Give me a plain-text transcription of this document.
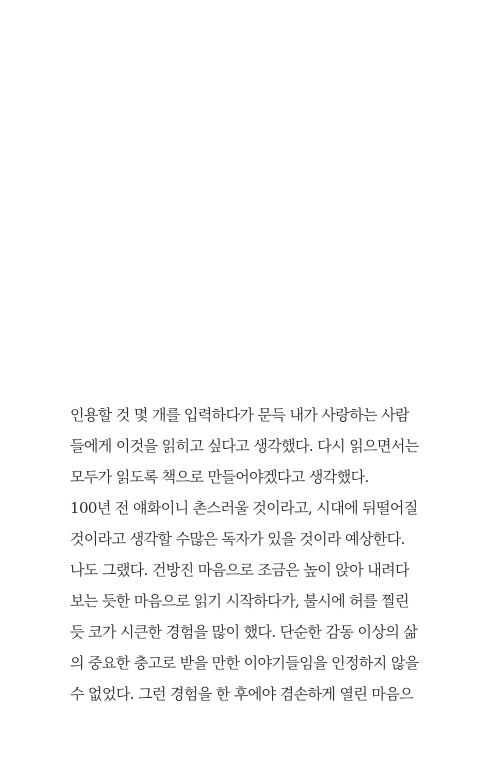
인용할 것 몇 개를 입력하다가 문득 내가 사랑하는 사람
들에게 이것을 읽히고 싶다고 생각했다. 다시 읽으면서는
모두가 읽도록 책으로 만들어야겠다고 생각했다.
100년 전 얘화이니 촌스러울 것이라고, 시대에 뒤떨어질
것이라고 생각할 수많은 독자가 있을 것이라 예상한다.
나도 그랬다. 건방진 마음으로 조금은 높이 앉아 내려다
보는 듯한 마음으로 읽기 시작하다가, 불시에 허를 찔린
듯 코가 시큰한 경험을 많이 했다. 단순한 감동 이상의 삶
의 중요한 충고로 받을 만한 이야기들임을 인정하지 않을
수 없었다. 그런 경험을 한 후에야 겸손하게 열린 마음으
